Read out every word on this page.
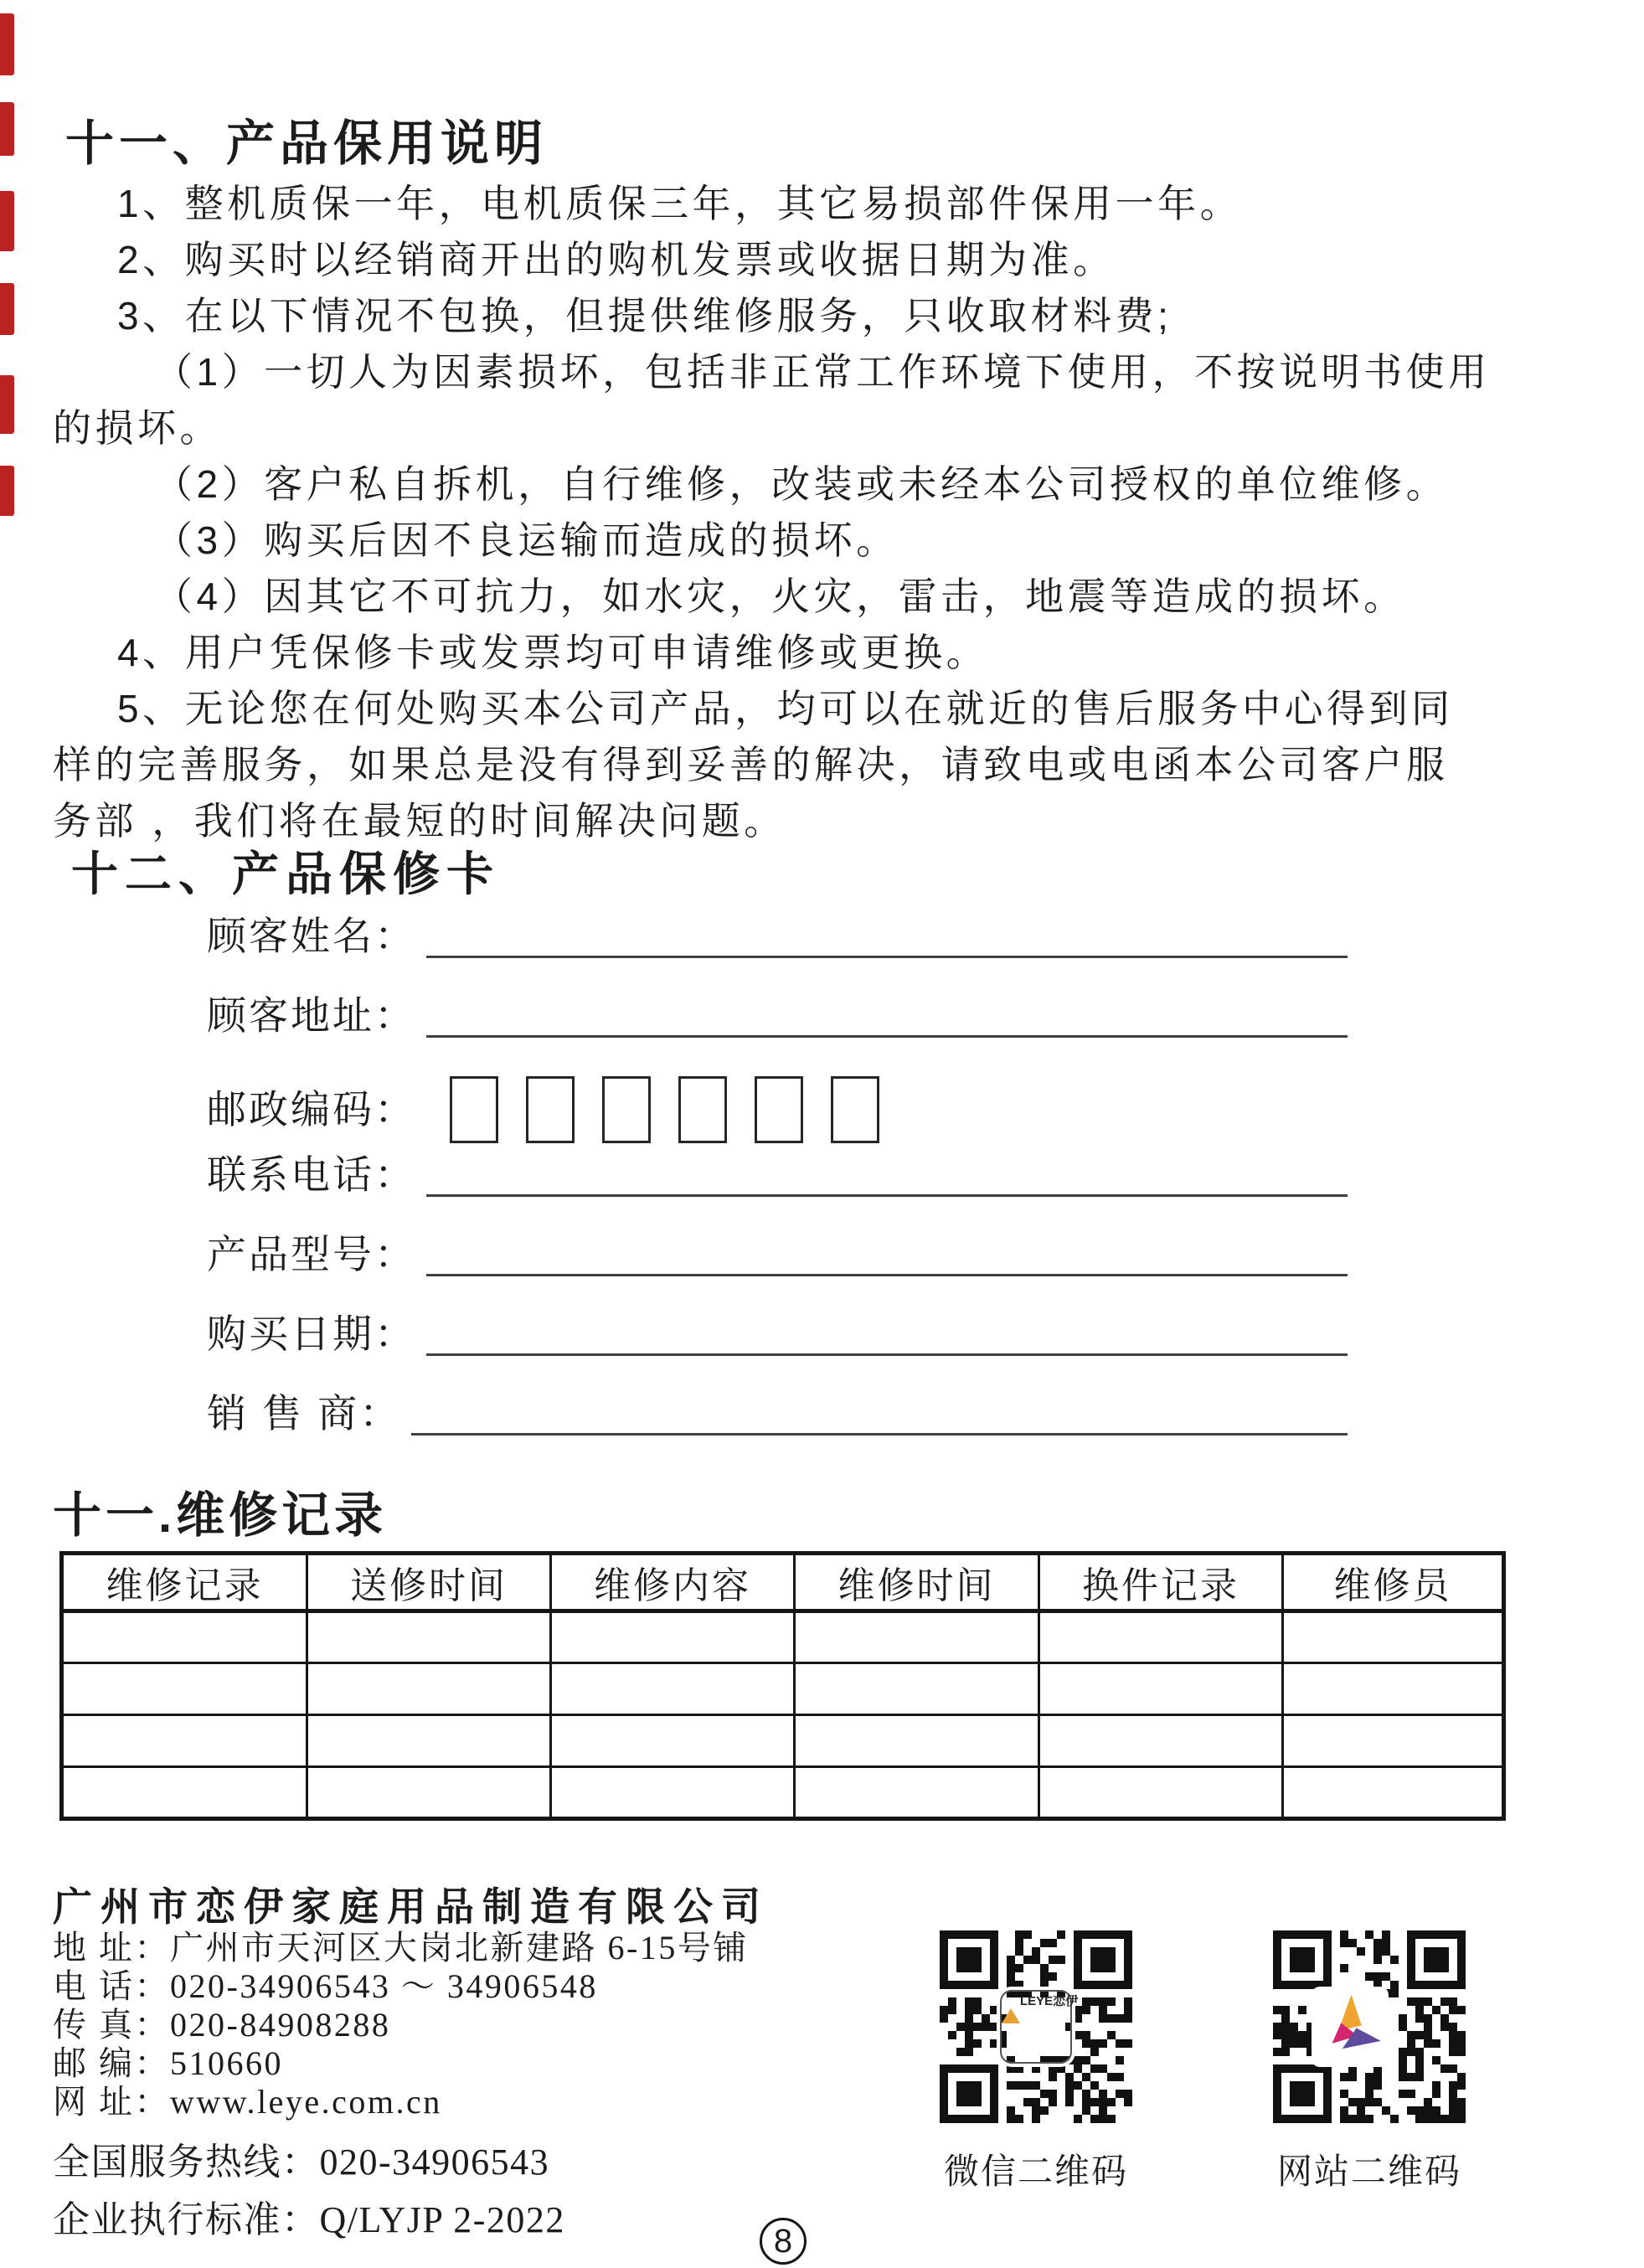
十一、产品保用说明
1、整机质保一年，电机质保三年，其它易损部件保用一年。
2、购买时以经销商开出的购机发票或收据日期为准。
3、在以下情况不包换，但提供维修服务，只收取材料费;
（1）一切人为因素损坏，包括非正常工作环境下使用，不按说明书使用
的损坏。
（2）客户私自拆机，自行维修，改装或未经本公司授权的单位维修。
（3）购买后因不良运输而造成的损坏。
（4）因其它不可抗力，如水灾，火灾，雷击，地震等造成的损坏。
4、用户凭保修卡或发票均可申请维修或更换。
5、无论您在何处购买本公司产品，均可以在就近的售后服务中心得到同
样的完善服务，如果总是没有得到妥善的解决，请致电或电函本公司客户服
务部 ，我们将在最短的时间解决问题。
十二、产品保修卡
顾客姓名：
顾客地址：
邮政编码：
联系电话：
产品型号：
购买日期：
销 售 商：
十一.维修记录
维修记录	送修时间	维修内容	维修时间	换件记录	维修员

广州市恋伊家庭用品制造有限公司
地 址：广州市天河区大岗北新建路 6-15号铺
电 话：020-34906543 ～ 34906548
传 真：020-84908288
邮 编：510660
网 址：www.leye.com.cn
全国服务热线：020-34906543
企业执行标准：Q/LYJP 2-2022
LEYE恋伊
微信二维码	网站二维码
8
